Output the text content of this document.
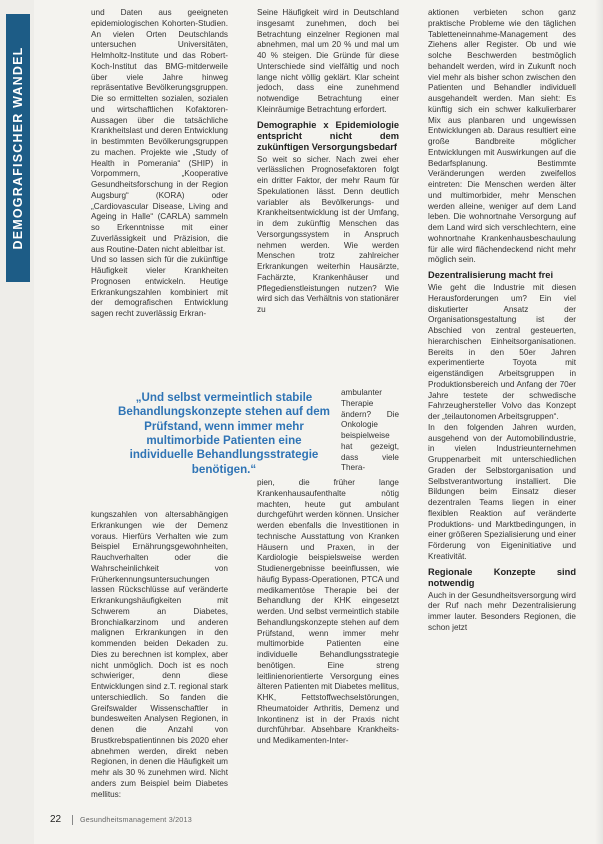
DEMOGRAFISCHER WANDEL

und Daten aus geeigneten epidemiologischen Kohorten-Studien. An vielen Orten Deutschlands untersuchen Universitäten, Helmholtz-Institute und das Robert-Koch-Institut das BMG-mitderweile über viele Jahre hinweg repräsentative Bevölkerungsgruppen. Die so ermittelten sozialen, sozialen und wirtschaftlichen Kofaktoren-Aussagen über die tatsächliche Krankheitslast und deren Entwicklung in bestimmten Bevölkerungsgruppen zu machen. Projekte wie „Study of Health in Pomerania“ (SHIP) in Vorpommern, „Kooperative Gesundheitsforschung in der Region Augsburg“ (KORA) oder „Cardiovascular Disease, Living and Ageing in Halle“ (CARLA) sammeln so Erkenntnisse mit einer Zuverlässigkeit und Präzision, die aus Routine-Daten nicht ableitbar ist.

Und so lassen sich für die zukünftige Häufigkeit vieler Krankheiten Prognosen entwickeln. Heutige Erkrankungszahlen kombiniert mit der demografischen Entwicklung sagen recht zuverlässig Erkran-

„Und selbst vermeintlich stabile Behandlungskonzepte stehen auf dem Prüfstand, wenn immer mehr multimorbide Patienten eine individuelle Behandlungsstrategie benötigen.“

kungszahlen von altersabhängigen Erkrankungen wie der Demenz voraus. Hierfürs Verhalten wie zum Beispiel Ernährungsgewohnheiten, Rauchverhalten oder die Wahrscheinlichkeit von Früherkennungsuntersuchungen lassen Rückschlüsse auf veränderte Erkrankungshäufigkeiten mit Schwerem an Diabetes, Bronchialkarzinom und anderen malignen Erkrankungen in den kommenden beiden Dekaden zu. Dies zu berechnen ist komplex, aber nicht unmöglich. Doch ist es noch schwieriger, denn diese Entwicklungen sind z.T. regional stark unterschiedlich. So fanden die Greifswalder Wissenschaftler in bundesweiten Analysen Regionen, in denen die Anzahl von Brustkrebspatientinnen bis 2020 eher abnehmen werden, direkt neben Regionen, in denen die Häufigkeit um mehr als 30 % zunehmen wird. Nicht anders zum Beispiel beim Diabetes mellitus:

Seine Häufigkeit wird in Deutschland insgesamt zunehmen, doch bei Betrachtung einzelner Regionen mal abnehmen, mal um 20 % und mal um 40 % steigen. Die Gründe für diese Unterschiede sind vielfältig und noch lange nicht völlig geklärt. Klar scheint jedoch, dass eine zunehmend notwendige Betrachtung einer Kleinräumige Betrachtung erfordert.

Demographie x Epidemiologie entspricht nicht dem zukünftigen Versorgungsbedarf

So weit so sicher. Nach zwei eher verlässlichen Prognosefaktoren folgt ein dritter Faktor, der mehr Raum für Spekulationen lässt. Denn deutlich variabler als Bevölkerungs- und Krankheitsentwicklung ist der Umfang, in dem zukünftig Menschen das Versorgungssystem in Anspruch nehmen werden. Wie werden Menschen trotz zahlreicher Erkrankungen weiterhin Hausärzte, Fachärzte, Krankenhäuser und Pflegedienstleistungen nutzen? Wie wird sich das Verhältnis von stationärer zu

ambulanter Therapie ändern? Die Onkologie beispielweise hat gezeigt, dass viele Thera-

pien, die früher lange Krankenhausaufenthalte nötig machten, heute gut ambulant durchgeführt werden können. Unsicher werden ebenfalls die Investitionen in technische Ausstattung von Kranken Häusern und Praxen, in der Kardiologie beispielsweise werden Studienergebnisse beeinflussen, wie häufig Bypass-Operationen, PTCA und medikamentöse Therapie bei der Behandlung der KHK eingesetzt werden. Und selbst vermeintlich stabile Behandlungskonzepte stehen auf dem Prüfstand, wenn immer mehr multimorbide Patienten eine individuelle Behandlungsstrategie benötigen. Eine streng leitlinienorientierte Versorgung eines älteren Patienten mit Diabetes mellitus, KHK, Fettstoffwechselstörungen, Rheumatoider Arthritis, Demenz und Inkontinenz ist in der Praxis nicht durchführbar. Absehbare Krankheits- und Medikamenten-Inter-

aktionen verbieten schon ganz praktische Probleme wie den täglichen Tabletteneinnahme-Management des Ziehens aller Register. Ob und wie solche Beschwerden bestmöglich behandelt werden, wird in Zukunft noch viel mehr als bisher schon zwischen den Patienten und Behandler individuell ausgehandelt werden. Man sieht: Es künftig sich ein schwer kalkulierbarer Mix aus planbaren und ungewissen Entwicklungen ab. Daraus resultiert eine große Bandbreite möglicher Entwicklungen mit Auswirkungen auf die Bedarfsplanung. Bestimmte Veränderungen werden zweifellos eintreten: Die Menschen werden älter und multimorbider, mehr Menschen werden alleine, weniger auf dem Land leben. Die wohnortnahe Versorgung auf dem Land wird sich verschlechtern, eine wohnortnahe Krankenhausbeschaulung für alle wird flächendeckend nicht mehr möglich sein.

Dezentralisierung macht frei

Wie geht die Industrie mit diesen Herausforderungen um? Ein viel diskutierter Ansatz der Organisationsgestaltung ist der Abschied von zentral gesteuerten, hierarchischen Einheitsorganisationen. Bereits in den 50er Jahren experimentierte Toyota mit eigenständigen Arbeitsgruppen in Produktionsbereich und Anfang der 70er Jahre testete der schwedische Fahrzeughersteller Volvo das Konzept der „teilautonomen Arbeitsgruppen“.

In den folgenden Jahren wurden, ausgehend von der Automobilindustrie, in vielen Industrieunternehmen Gruppenarbeit mit unterschiedlichen Graden der Selbstorganisation und Selbstverantwortung installiert. Die Bildungen beim Einsatz dieser dezentralen Teams liegen in einer flexiblen Reaktion auf veränderte Produktions- und Marktbedingungen, in einer größeren Spezialisierung und einer Förderung von Eigeninitiative und Kreativität.

Regionale Konzepte sind notwendig

Auch in der Gesundheitsversorgung wird der Ruf nach mehr Dezentralisierung immer lauter. Besonders Regionen, die schon jetzt

22	Gesundheitsmanagement 3/2013
